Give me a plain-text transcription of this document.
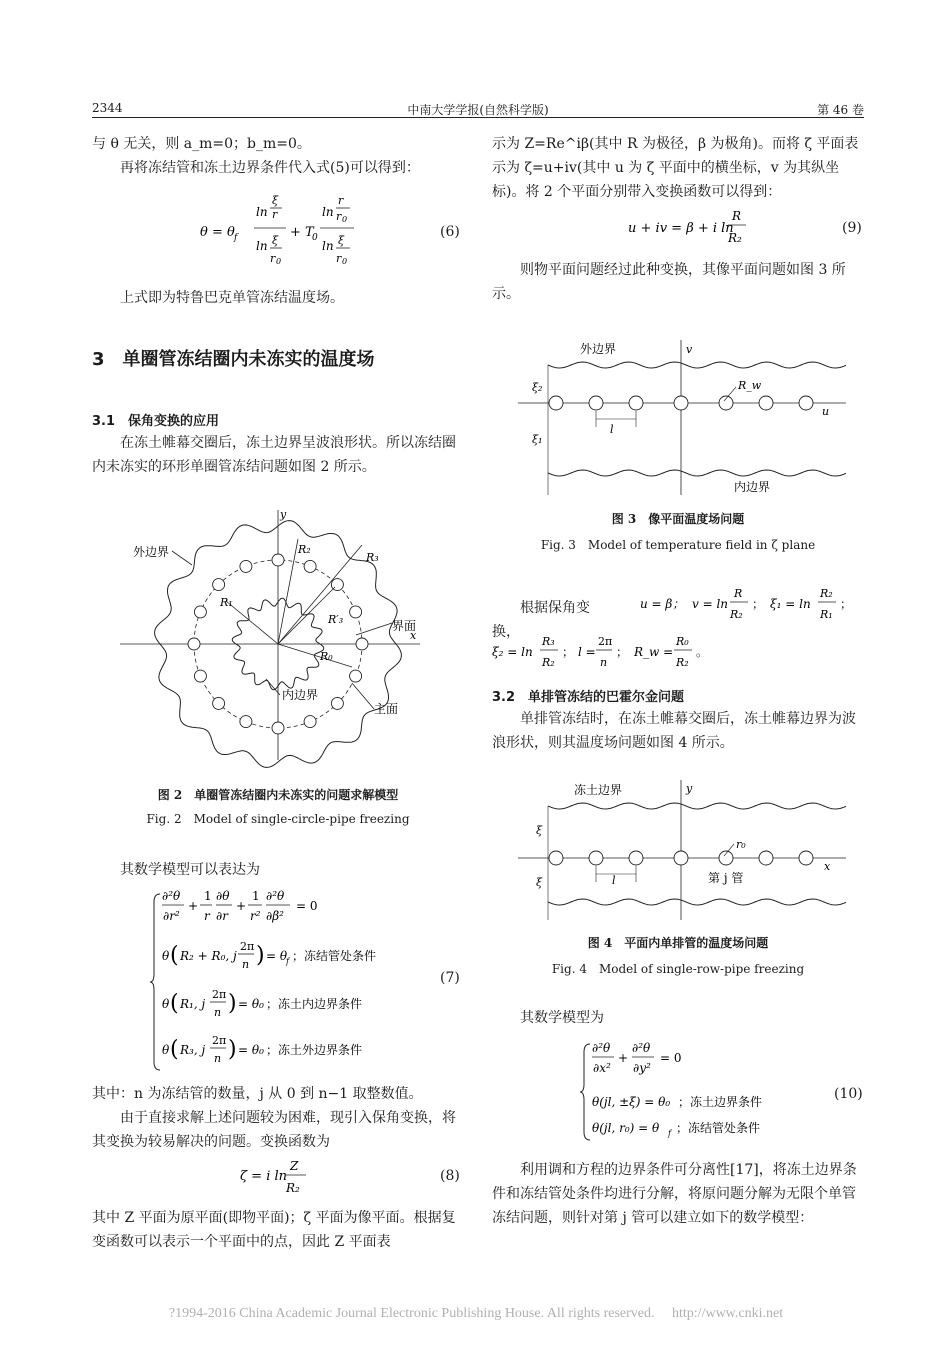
2344	中南大学学报(自然科学版)	第 46 卷
与 θ 无关，则 a_m=0；b_m=0。
再将冻结管和冻土边界条件代入式(5)可以得到：
θ = θ f
ln
ξ
r
ln ξ
r 0
+ T
0
ln
r
r 0
ln ξ
r 0
(6)
上式即为特鲁巴克单管冻结温度场。
3　单圈管冻结圈内未冻实的温度场
3.1　保角变换的应用
在冻土帷幕交圈后，冻土边界呈波浪形状。所以冻结圈内未冻实的环形单圈管冻结问题如图 2 所示。
y
x
外边界
R₁
R₂
R₃
R′₃
R₀
界面
内边界
主面
图 2　单圈管冻结圈内未冻实的问题求解模型
Fig. 2　Model of single-circle-pipe freezing
其数学模型可以表达为
∂²θ
∂r²
+
1
r
∂θ
∂r
+
1
r²
∂²θ
∂β²
= 0
θ ( R₂ + R₀, j
2π
n ) = θ
f ；冻结管处条件
θ ( R₁, j
2π
n ) = θ₀ ；冻土内边界条件
θ ( R₃, j
2π
n ) = θ₀ ；冻土外边界条件
(7)
其中：n 为冻结管的数量，j 从 0 到 n−1 取整数值。
由于直接求解上述问题较为困难，现引入保角变换，将其变换为较易解决的问题。变换函数为
ζ = i ln
Z
R₂
(8)
其中 Z 平面为原平面(即物平面)；ζ 平面为像平面。根据复变函数可以表示一个平面中的点，因此 Z 平面表
示为 Z=Re^iβ(其中 R 为极径，β 为极角)。而将 ζ 平面表示为 ζ=u+iv(其中 u 为 ζ 平面中的横坐标，v 为其纵坐标)。将 2 个平面分别带入变换函数可以得到：
u + iv = β + i ln
R
R₂
(9)
则物平面问题经过此种变换，其像平面问题如图 3 所示。
l
外边界
内边界
v
u
ξ₂
ξ₁
R_w
图 3　像平面温度场问题
Fig. 3　Model of temperature field in ζ plane
根据保角变换，
u = β； v = ln
R
R₂
； ξ₁ = ln
R₂
R₁
；
ξ₂ = ln
R₃
R₂
； l =
2π
n
； R_w =
R₀
R₂
。
3.2　单排管冻结的巴霍尔金问题
单排管冻结时，在冻土帷幕交圈后，冻土帷幕边界为波浪形状，则其温度场问题如图 4 所示。
l
冻土边界	y
x
ξ
ξ
r₀
第 j 管
图 4　平面内单排管的温度场问题
Fig. 4　Model of single-row-pipe freezing
其数学模型为
∂²θ
∂x²
+
∂²θ
∂y²
= 0
θ(jl, ±ξ) = θ₀ ；冻土边界条件
θ(jl, r₀) = θ f ；冻结管处条件
(10)
利用调和方程的边界条件可分离性[17]，将冻土边界条件和冻结管处条件均进行分解，将原问题分解为无限个单管冻结问题，则针对第 j 管可以建立如下的数学模型：
?1994-2016 China Academic Journal Electronic Publishing House. All rights reserved.　 http://www.cnki.net
